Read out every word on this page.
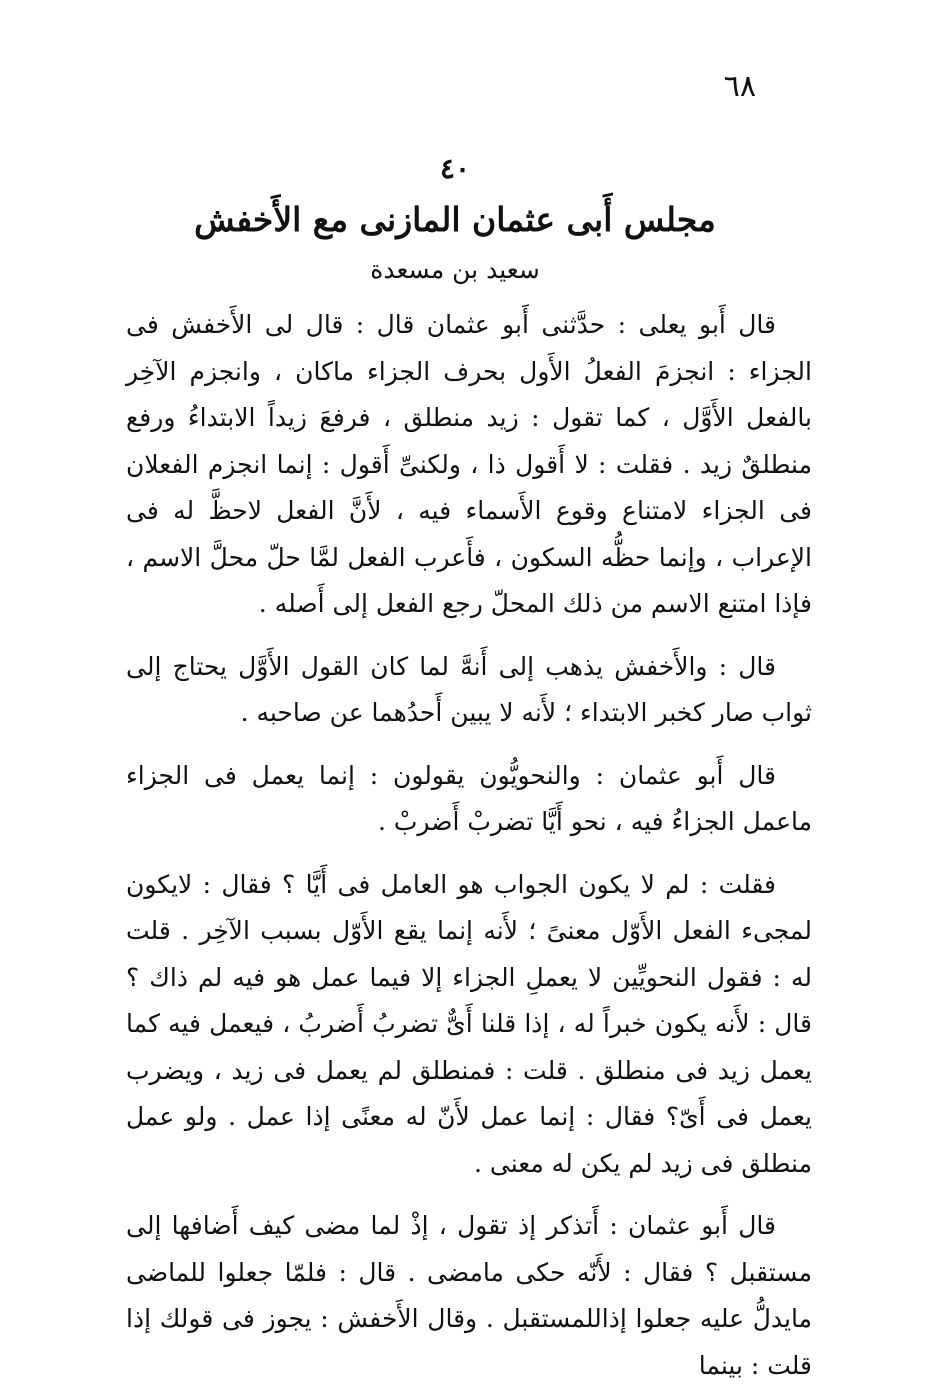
٦٨
٤٠
مجلس أَبى عثمان المازنى مع الأَخفش
سعيد بن مسعدة

قال أَبو يعلى : حدَّثنى أَبو عثمان قال : قال لى الأَخفش فى الجزاء : انجزمَ الفعلُ الأَول بحرف الجزاء ماكان ، وانجزم الآخِر بالفعل الأَوَّل ، كما تقول : زيد منطلق ، فرفعَ زيداً الابتداءُ ورفع منطلقٌ زيد . فقلت : لا أَقول ذا ، ولكنىِّ أَقول : إنما انجزم الفعلان فى الجزاء لامتناع وقوع الأَسماء فيه ، لأَنَّ الفعل لاحظَّ له فى الإعراب ، وإنما حظُّه السكون ، فأَعرب الفعل لمَّا حلّ محلَّ الاسم ، فإذا امتنع الاسم من ذلك المحلّ رجع الفعل إلى أَصله .

قال : والأَخفش يذهب إلى أَنهَّ لما كان القول الأَوَّل يحتاج إلى ثواب صار كخبر الابتداء ؛ لأَنه لا يبين أَحدُهما عن صاحبه .

قال أَبو عثمان : والنحويُّون يقولون : إنما يعمل فى الجزاء ماعمل الجزاءُ فيه ، نحو أَيَّا تضربْ أَضربْ .

فقلت : لم لا يكون الجواب هو العامل فى أَيَّا ؟ فقال : لايكون لمجىء الفعل الأَوّل معنىً ؛ لأَنه إنما يقع الأَوّل بسبب الآخِر . قلت له : فقول النحويِّين لا يعملِ الجزاء إلا فيما عمل هو فيه لم ذاك ؟ قال : لأَنه يكون خبراً له ، إذا قلنا أَىٌّ تضربُ أَضربُ ، فيعمل فيه كما يعمل زيد فى منطلق . قلت : فمنطلق لم يعمل فى زيد ، ويضرب يعمل فى أَىّ؟ فقال : إنما عمل لأَنّ له معنًى إذا عمل . ولو عمل منطلق فى زيد لم يكن له معنى .

قال أَبو عثمان : أَتذكر إذ تقول ، إذْ لما مضى كيف أَضافها إلى مستقبل ؟ فقال : لأَنّه حكى مامضى . قال : فلمّا جعلوا للماضى مايدلُّ عليه جعلوا إذاللمستقبل . وقال الأَخفش : يجوز فى قولك إذا قلت : بينما
